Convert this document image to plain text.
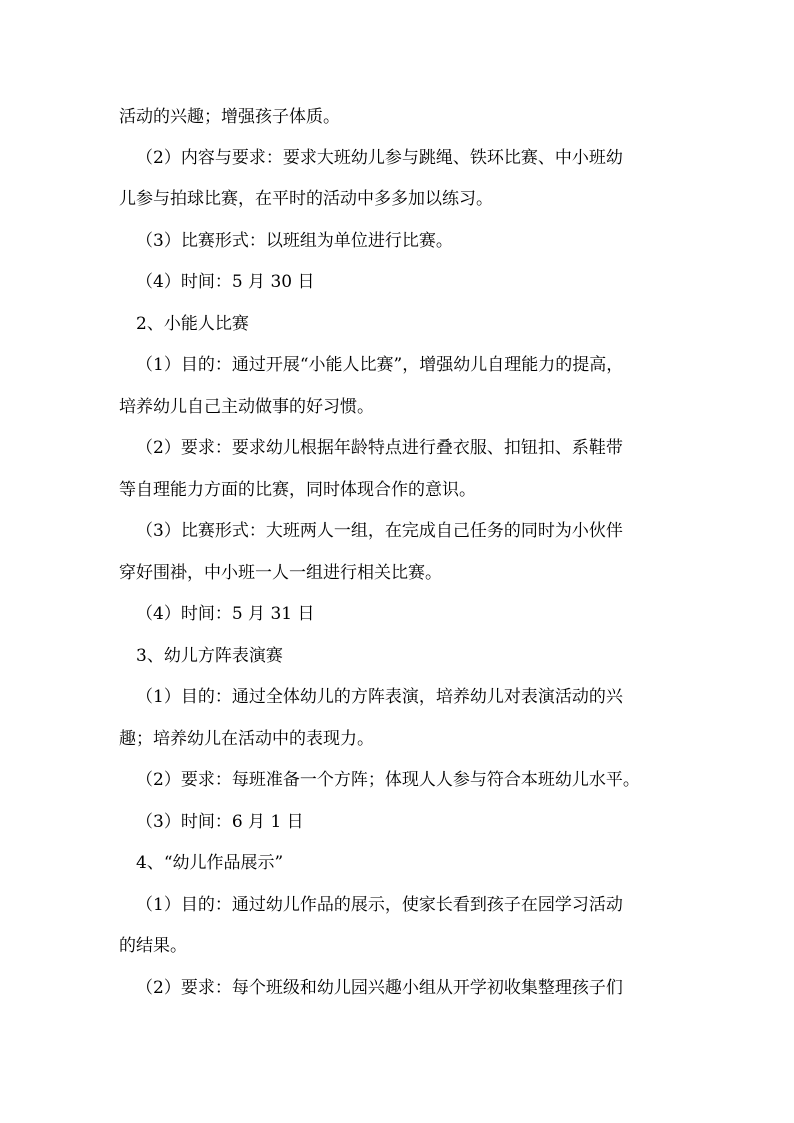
活动的兴趣；增强孩子体质。
（2）内容与要求：要求大班幼儿参与跳绳、铁环比赛、中小班幼
儿参与拍球比赛，在平时的活动中多多加以练习。
（3）比赛形式：以班组为单位进行比赛。
（4）时间：5 月 30 日
2、小能人比赛
（1）目的：通过开展“小能人比赛”，增强幼儿自理能力的提高，
培养幼儿自己主动做事的好习惯。
（2）要求：要求幼儿根据年龄特点进行叠衣服、扣钮扣、系鞋带
等自理能力方面的比赛，同时体现合作的意识。
（3）比赛形式：大班两人一组，在完成自己任务的同时为小伙伴
穿好围褂，中小班一人一组进行相关比赛。
（4）时间：5 月 31 日
3、幼儿方阵表演赛
（1）目的：通过全体幼儿的方阵表演，培养幼儿对表演活动的兴
趣；培养幼儿在活动中的表现力。
（2）要求：每班准备一个方阵；体现人人参与符合本班幼儿水平。
（3）时间：6 月 1 日
4、“幼儿作品展示”
（1）目的：通过幼儿作品的展示，使家长看到孩子在园学习活动
的结果。
（2）要求：每个班级和幼儿园兴趣小组从开学初收集整理孩子们
